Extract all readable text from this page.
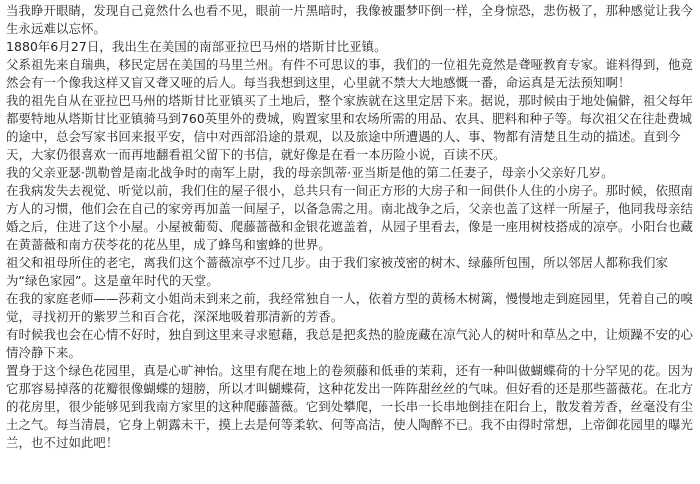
当我睁开眼睛，发现自己竟然什么也看不见，眼前一片黑暗时，我像被噩梦吓倒一样，全身惊恐，悲伤极了，那种感觉让我今生永远难以忘怀。

1880年6月27日，我出生在美国的南部亚拉巴马州的塔斯甘比亚镇。

父系祖先来自瑞典，移民定居在美国的马里兰州。有件不可思议的事，我们的一位祖先竟然是聋哑教育专家。谁料得到，他竟然会有一个像我这样又盲又聋又哑的后人。每当我想到这里，心里就不禁大大地感慨一番，命运真是无法预知啊！

我的祖先自从在亚拉巴马州的塔斯甘比亚镇买了土地后，整个家族就在这里定居下来。据说，那时候由于地处偏僻，祖父每年都要特地从塔斯甘比亚镇骑马到760英里外的费城，购置家里和农场所需的用品、农具、肥料和种子等。每次祖父在往赴费城的途中，总会写家书回来报平安，信中对西部沿途的景观，以及旅途中所遭遇的人、事、物都有清楚且生动的描述。直到今天，大家仍很喜欢一而再地翻看祖父留下的书信，就好像是在看一本历险小说，百读不厌。

我的父亲亚瑟·凯勒曾是南北战争时的南军上尉，我的母亲凯蒂·亚当斯是他的第二任妻子，母亲小父亲好几岁。

在我病发失去视觉、听觉以前，我们住的屋子很小，总共只有一间正方形的大房子和一间供仆人住的小房子。那时候，依照南方人的习惯，他们会在自己的家旁再加盖一间屋子，以备急需之用。南北战争之后，父亲也盖了这样一所屋子，他同我母亲结婚之后，住进了这个小屋。小屋被葡萄、爬藤蔷薇和金银花遮盖着，从园子里看去，像是一座用树枝搭成的凉亭。小阳台也藏在黄蔷薇和南方茯苓花的花丛里，成了蜂鸟和蜜蜂的世界。

祖父和祖母所住的老宅，离我们这个蔷薇凉亭不过几步。由于我们家被茂密的树木、绿藤所包围，所以邻居人都称我们家为“绿色家园”。这是童年时代的天堂。

在我的家庭老师——莎莉文小姐尚未到来之前，我经常独自一人，依着方型的黄杨木树篱，慢慢地走到庭园里，凭着自己的嗅觉，寻找初开的紫罗兰和百合花，深深地吸着那清新的芳香。

有时候我也会在心情不好时，独自到这里来寻求慰藉，我总是把炙热的脸庞藏在凉气沁人的树叶和草丛之中，让烦躁不安的心情冷静下来。

置身于这个绿色花园里，真是心旷神怡。这里有爬在地上的卷须藤和低垂的茉莉，还有一种叫做蝴蝶荷的十分罕见的花。因为它那容易掉落的花瓣很像蝴蝶的翅膀，所以才叫蝴蝶荷，这种花发出一阵阵甜丝丝的气味。但好看的还是那些蔷薇花。在北方的花房里，很少能够见到我南方家里的这种爬藤蔷薇。它到处攀爬，一长串一长串地倒挂在阳台上，散发着芳香，丝毫没有尘土之气。每当清晨，它身上朝露未干，摸上去是何等柔软、何等高洁，使人陶醉不已。我不由得时常想，上帝御花园里的曝光兰，也不过如此吧！
